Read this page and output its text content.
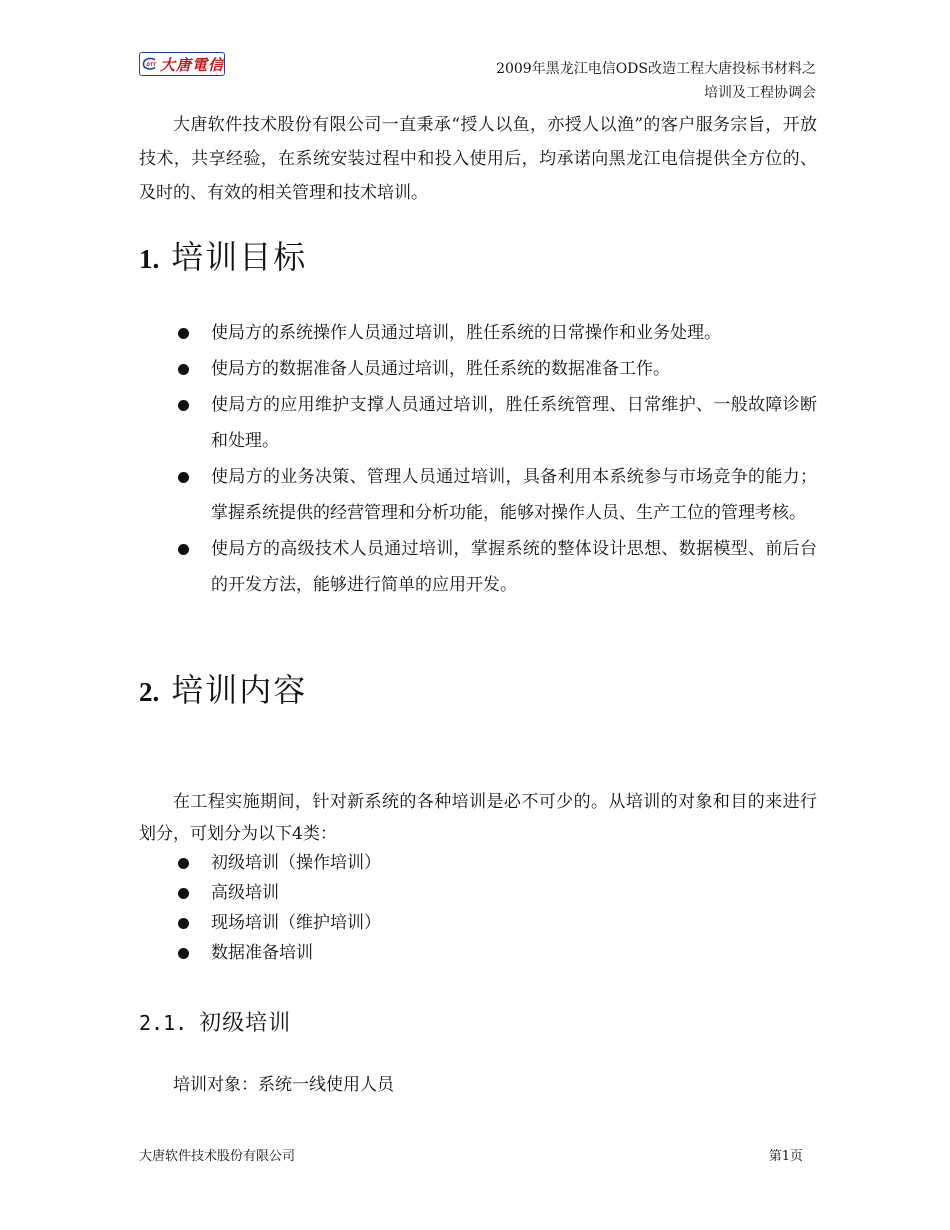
DTT 大唐電信	2009年黑龙江电信ODS改造工程大唐投标书材料之
培训及工程协调会

大唐软件技术股份有限公司一直秉承“授人以鱼，亦授人以渔”的客户服务宗旨，开放技术，共享经验，在系统安装过程中和投入使用后，均承诺向黑龙江电信提供全方位的、及时的、有效的相关管理和技术培训。

1. 培训目标
使局方的系统操作人员通过培训，胜任系统的日常操作和业务处理。
使局方的数据准备人员通过培训，胜任系统的数据准备工作。
使局方的应用维护支撑人员通过培训，胜任系统管理、日常维护、一般故障诊断和处理。
使局方的业务决策、管理人员通过培训，具备利用本系统参与市场竞争的能力；掌握系统提供的经营管理和分析功能，能够对操作人员、生产工位的管理考核。
使局方的高级技术人员通过培训，掌握系统的整体设计思想、数据模型、前后台的开发方法，能够进行简单的应用开发。
2. 培训内容

在工程实施期间，针对新系统的各种培训是必不可少的。从培训的对象和目的来进行划分，可划分为以下4类：

初级培训（操作培训）
高级培训
现场培训（维护培训）
数据准备培训
2.1. 初级培训

培训对象：系统一线使用人员

大唐软件技术股份有限公司	第1页
